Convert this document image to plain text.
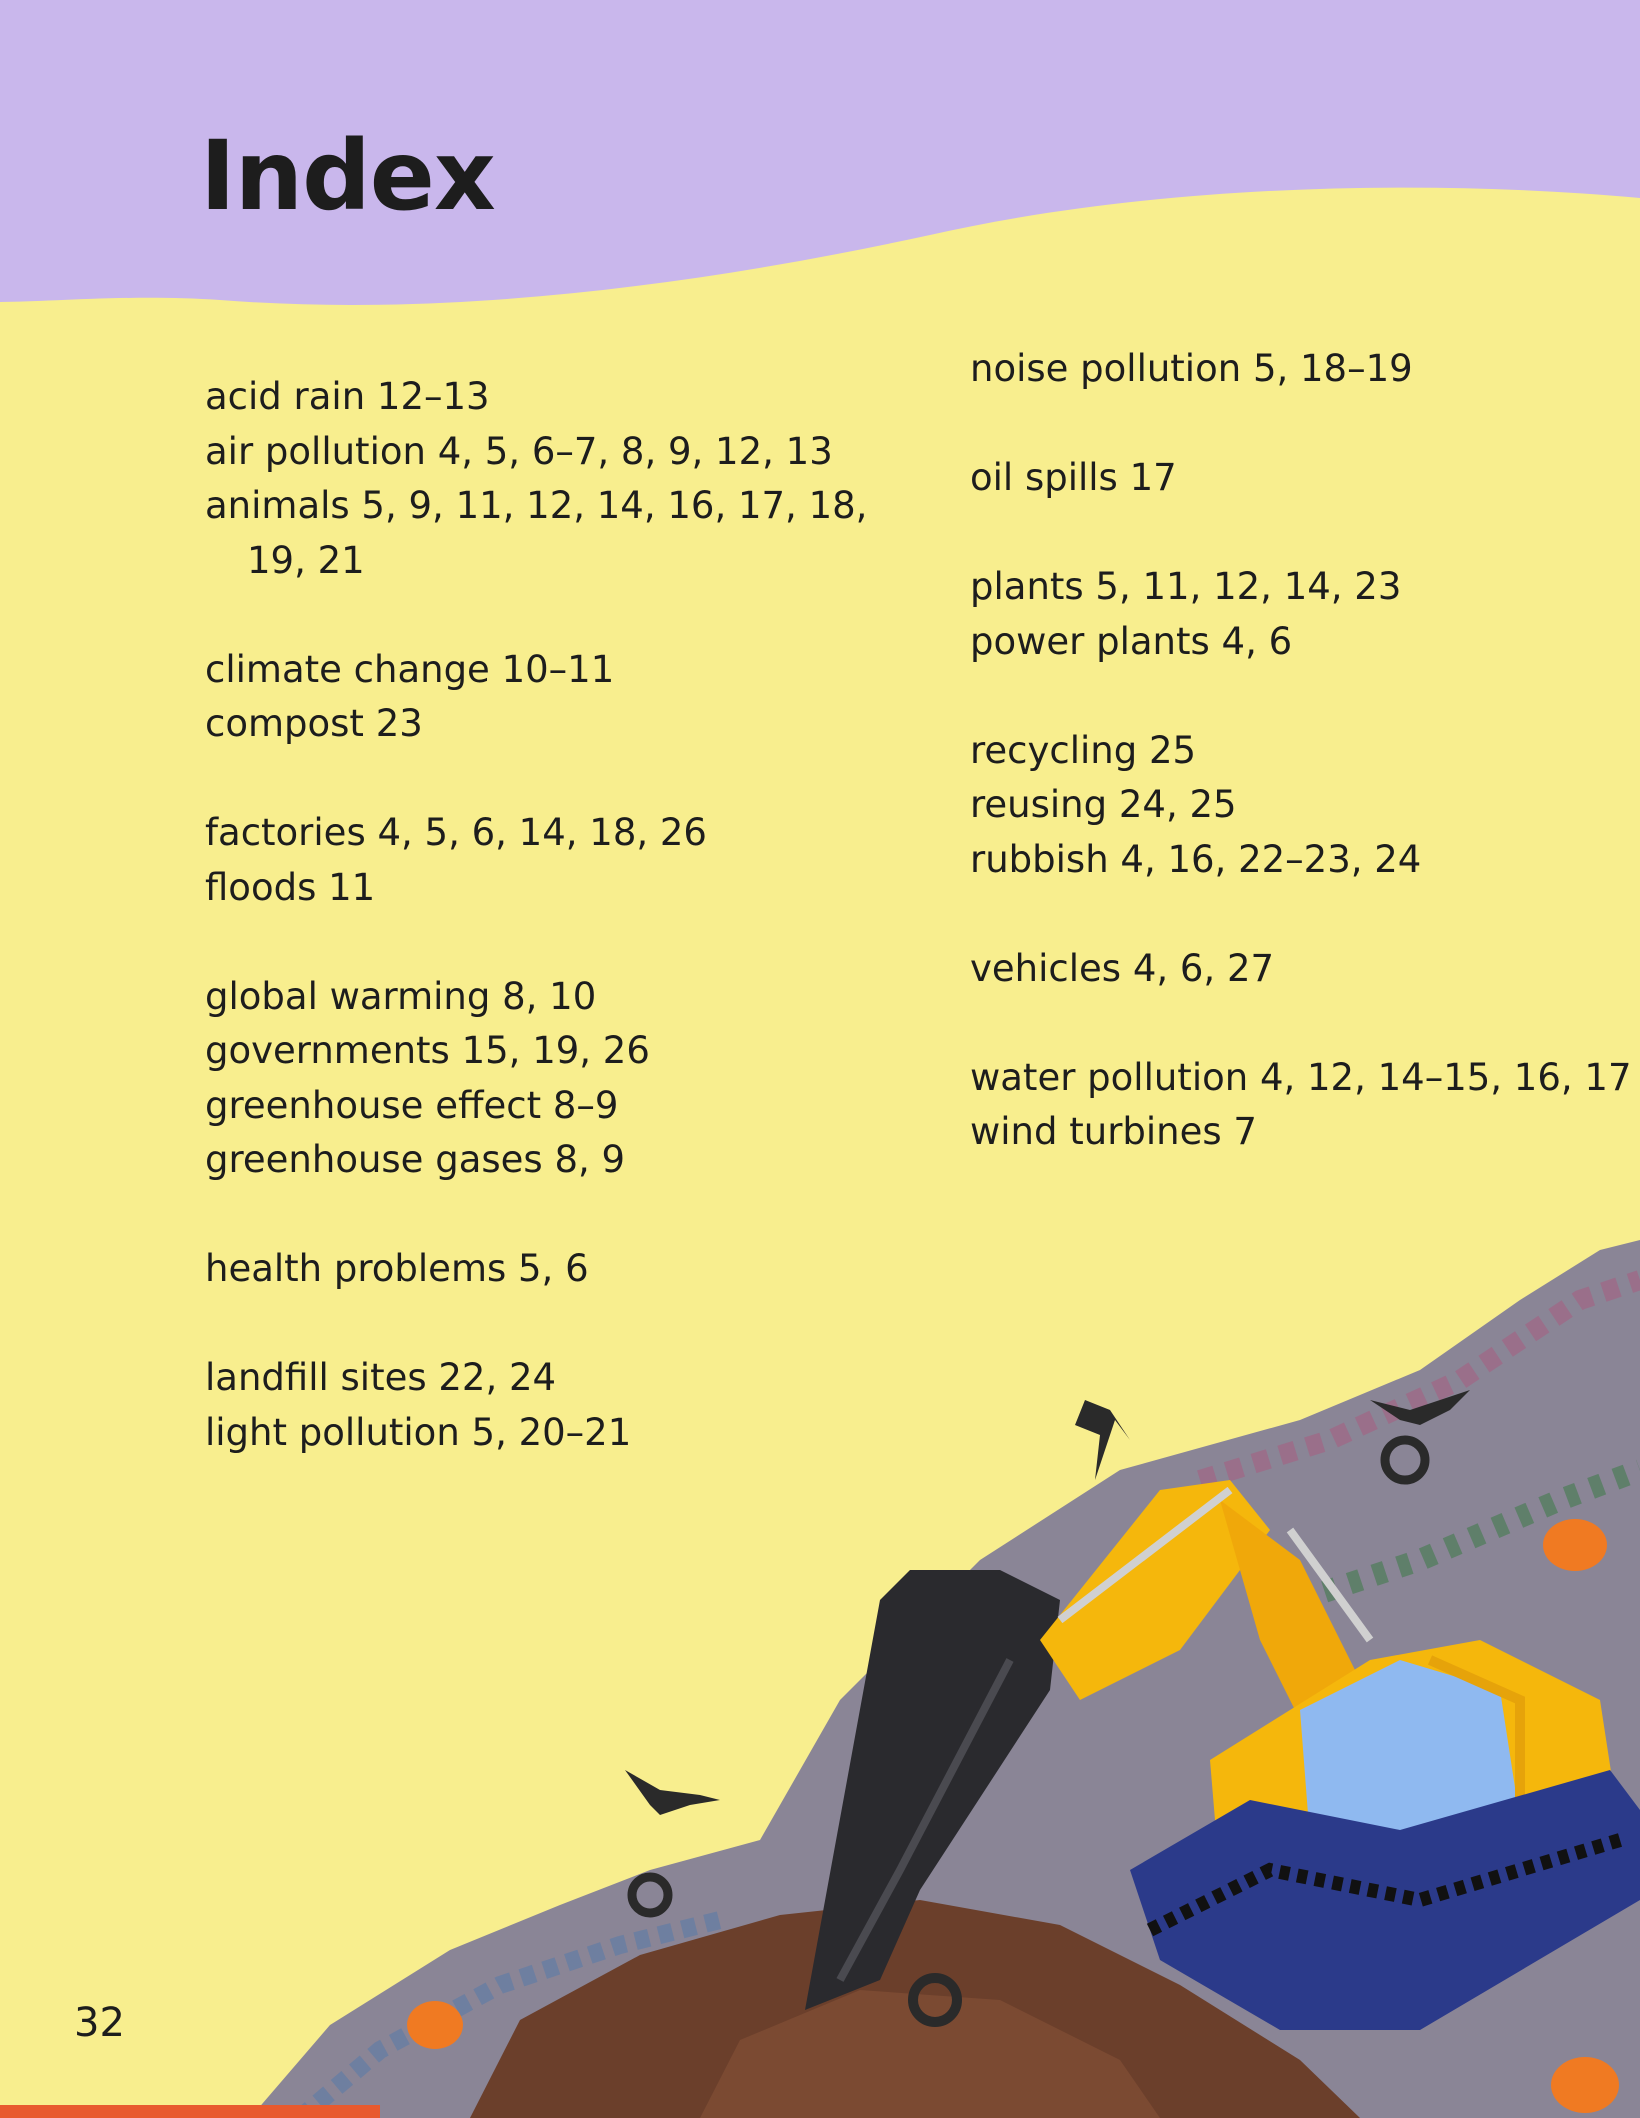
Index
acid rain 12–13
air pollution 4, 5, 6–7, 8, 9, 12, 13
animals 5, 9, 11, 12, 14, 16, 17, 18, 19, 21
climate change 10–11
compost 23
factories 4, 5, 6, 14, 18, 26
floods 11
global warming 8, 10
governments 15, 19, 26
greenhouse effect 8–9
greenhouse gases 8, 9
health problems 5, 6
landfill sites 22, 24
light pollution 5, 20–21
noise pollution 5, 18–19
oil spills 17
plants 5, 11, 12, 14, 23
power plants 4, 6
recycling 25
reusing 24, 25
rubbish 4, 16, 22–23, 24
vehicles 4, 6, 27
water pollution 4, 12, 14–15, 16, 17
wind turbines 7
32
